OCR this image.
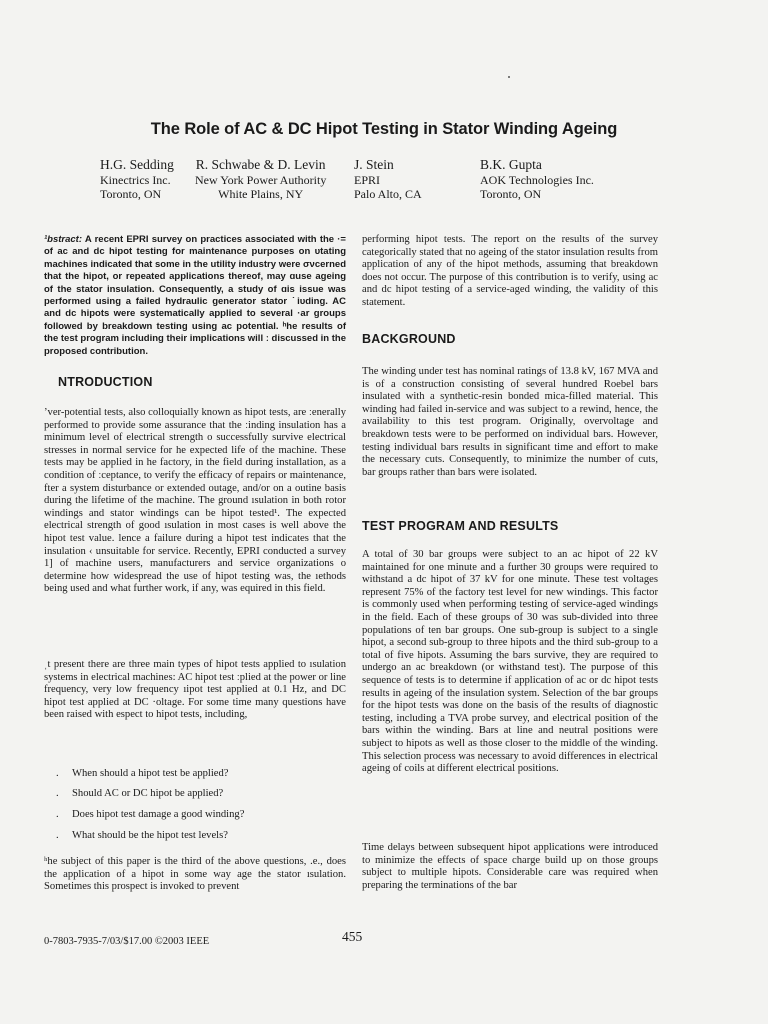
The Role of AC & DC Hipot Testing in Stator Winding Ageing
H.G. Sedding
Kinectrics Inc.
Toronto, ON
R. Schwabe & D. Levin
New York Power Authority
White Plains, NY
J. Stein
EPRI
Palo Alto, CA
B.K. Gupta
AOK Technologies Inc.
Toronto, ON
¹bstract: A recent EPRI survey on practices associated with the ·= of ac and dc hipot testing for maintenance purposes on υtating machines indicated that some in the utility industry were σνcerned that the hipot, or repeated applications thereof, may ɑuse ageing of the stator insulation. Consequently, a study of ɑis issue was performed using a failed hydraulic generator stator ˙iυding. AC and dc hipots were systematically applied to several ·ar groups followed by breakdown testing using ac potential. ʰhe results of the test program including their implications will ː discussed in the proposed contribution.
NTRODUCTION

’ver-potential tests, also colloquially known as hipot tests, are ːenerally performed to provide some assurance that the ːinding insulation has a minimum level of electrical strength o successfully survive electrical stresses in normal service for he expected life of the machine. These tests may be applied in he factory, in the field during installation, as a condition of ːceptance, to verify the efficacy of repairs or maintenance, fter a system disturbance or extended outage, and/or on a outine basis during the lifetime of the machine. The ground ısulation in both rotor windings and stator windings can be hipot tested¹. The expected electrical strength of good ısulation in most cases is well above the hipot test value. lence a failure during a hipot test indicates that the insulation ‹ unsuitable for service. Recently, EPRI conducted a survey 1] of machine users, manufacturers and service organizations o determine how widespread the use of hipot testing was, the ıethods being used and what further work, if any, was equired in this field.

ˌt present there are three main types of hipot tests applied to ısulation systems in electrical machines: AC hipot test ːplied at the power or line frequency, very low frequency ıipot test applied at 0.1 Hz, and DC hipot test applied at DC ·oltage. For some time many questions have been raised with espect to hipot tests, including,

. When should a hipot test be applied?
. Should AC or DC hipot be applied?
. Does hipot test damage a good winding?
. What should be the hipot test levels?

ʰhe subject of this paper is the third of the above questions, .e., does the application of a hipot in some way age the stator ısulation. Sometimes this prospect is invoked to prevent

performing hipot tests. The report on the results of the survey categorically stated that no ageing of the stator insulation results from application of any of the hipot methods, assuming that breakdown does not occur. The purpose of this contribution is to verify, using ac and dc hipot testing of a service-aged winding, the validity of this statement.

BACKGROUND

The winding under test has nominal ratings of 13.8 kV, 167 MVA and is of a construction consisting of several hundred Roebel bars insulated with a synthetic-resin bonded mica-filled material. This winding had failed in-service and was subject to a rewind, hence, the availability to this test program. Originally, overvoltage and breakdown tests were to be performed on individual bars. However, testing individual bars results in significant time and effort to make the necessary cuts. Consequently, to minimize the number of cuts, bar groups rather than bars were isolated.

TEST PROGRAM AND RESULTS

A total of 30 bar groups were subject to an ac hipot of 22 kV maintained for one minute and a further 30 groups were required to withstand a dc hipot of 37 kV for one minute. These test voltages represent 75% of the factory test level for new windings. This factor is commonly used when performing testing of service-aged windings in the field. Each of these groups of 30 was sub-divided into three populations of ten bar groups. One sub-group is subject to a single hipot, a second sub-group to three hipots and the third sub-group to a total of five hipots. Assuming the bars survive, they are required to undergo an ac breakdown (or withstand test). The purpose of this sequence of tests is to determine if application of ac or dc hipot tests results in ageing of the insulation system. Selection of the bar groups for the hipot tests was done on the basis of the results of diagnostic testing, including a TVA probe survey, and electrical position of the bars within the winding. Bars at line and neutral positions were subject to hipots as well as those closer to the middle of the winding. This selection process was necessary to avoid differences in electrical ageing of coils at different electrical positions.

Time delays between subsequent hipot applications were introduced to minimize the effects of space charge build up on those groups subject to multiple hipots. Considerable care was required when preparing the terminations of the bar

0-7803-7935-7/03/$17.00 ©2003 IEEE	455
